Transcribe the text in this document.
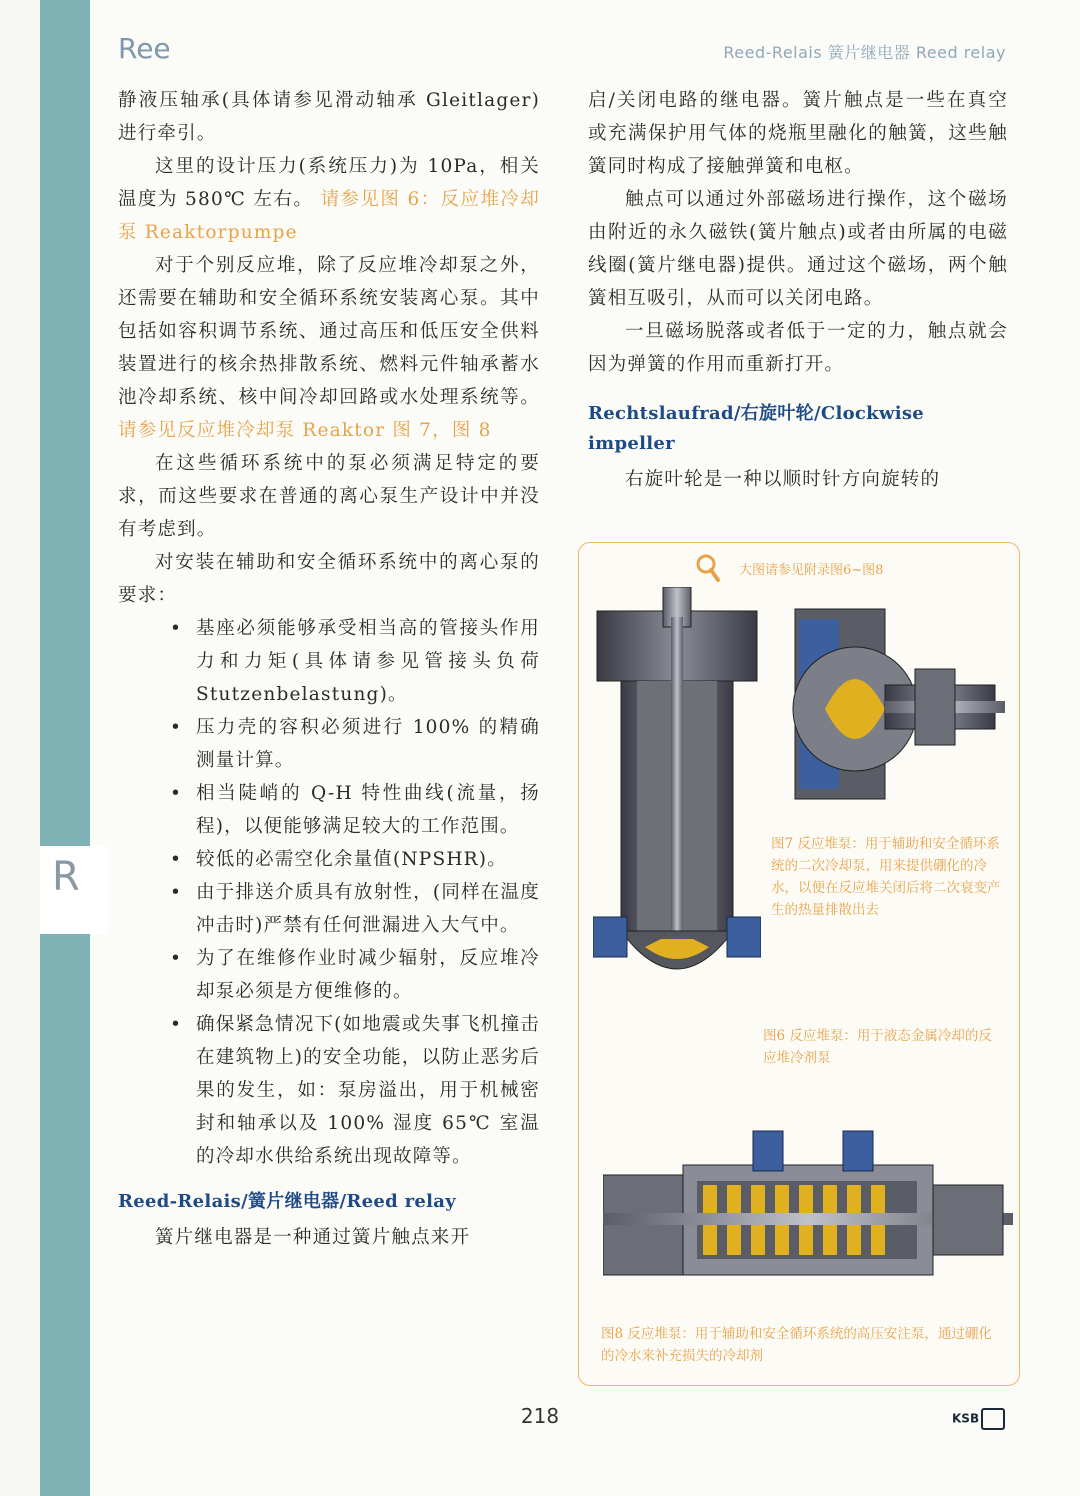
R
Ree	Reed-Relais 簧片继电器 Reed relay

静液压轴承(具体请参见滑动轴承 Gleitlager)进行牵引。

这里的设计压力(系统压力)为 10Pa，相关温度为 580℃ 左右。 请参见图 6：反应堆冷却泵 Reaktorpumpe

对于个别反应堆，除了反应堆冷却泵之外，还需要在辅助和安全循环系统安装离心泵。其中包括如容积调节系统、通过高压和低压安全供料装置进行的核余热排散系统、燃料元件轴承蓄水池冷却系统、核中间冷却回路或水处理系统等。 请参见反应堆冷却泵 Reaktor 图 7，图 8

在这些循环系统中的泵必须满足特定的要求，而这些要求在普通的离心泵生产设计中并没有考虑到。

对安装在辅助和安全循环系统中的离心泵的要求：

• 基座必须能够承受相当高的管接头作用力和力矩(具体请参见管接头负荷 Stutzenbelastung)。
• 压力壳的容积必须进行 100% 的精确测量计算。
• 相当陡峭的 Q-H 特性曲线(流量，扬程)，以便能够满足较大的工作范围。
• 较低的必需空化余量值(NPSHR)。
• 由于排送介质具有放射性，(同样在温度冲击时)严禁有任何泄漏进入大气中。
• 为了在维修作业时减少辐射，反应堆冷却泵必须是方便维修的。
• 确保紧急情况下(如地震或失事飞机撞击在建筑物上)的安全功能，以防止恶劣后果的发生，如：泵房溢出，用于机械密封和轴承以及 100% 湿度 65℃ 室温的冷却水供给系统出现故障等。
Reed-Relais/簧片继电器/Reed relay

簧片继电器是一种通过簧片触点来开

启/关闭电路的继电器。簧片触点是一些在真空或充满保护用气体的烧瓶里融化的触簧，这些触簧同时构成了接触弹簧和电枢。

触点可以通过外部磁场进行操作，这个磁场由附近的永久磁铁(簧片触点)或者由所属的电磁线圈(簧片继电器)提供。通过这个磁场，两个触簧相互吸引，从而可以关闭电路。

一旦磁场脱落或者低于一定的力，触点就会因为弹簧的作用而重新打开。

Rechtslaufrad/右旋叶轮/Clockwise impeller

右旋叶轮是一种以顺时针方向旋转的

大图请参见附录图6~图8
图7 反应堆泵：用于辅助和安全循环系统的二次冷却泵，用来提供硼化的冷水，以便在反应堆关闭后将二次衰变产生的热量排散出去
图6 反应堆泵：用于液态金属冷却的反应堆冷剂泵
图8 反应堆泵：用于辅助和安全循环系统的高压安注泵，通过硼化的冷水来补充损失的冷却剂
218	KSB
